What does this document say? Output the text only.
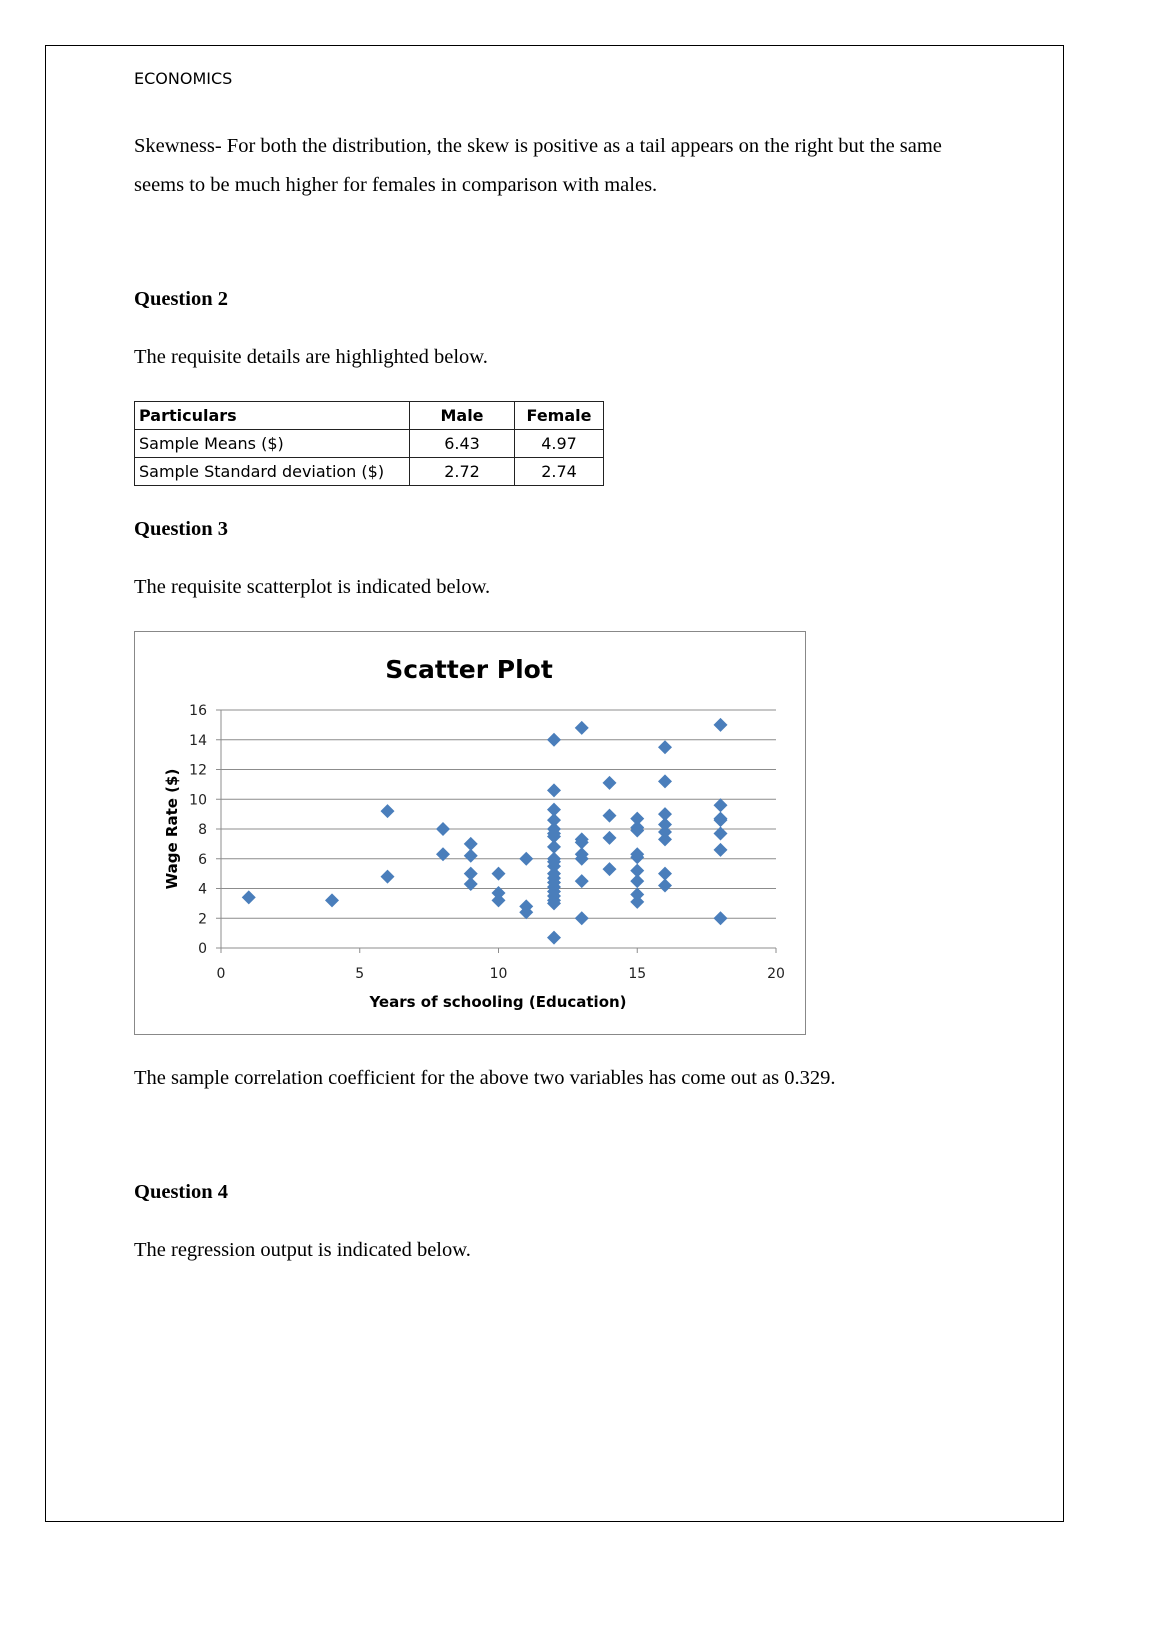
ECONOMICS
Skewness- For both the distribution, the skew is positive as a tail appears on the right but the same seems to be much higher for females in comparison with males.
Question 2
The requisite details are highlighted below.
Particulars	Male	Female
Sample Means ($)	6.43	4.97
Sample Standard deviation ($)	2.72	2.74
Question 3
The requisite scatterplot is indicated below.
Scatter Plot
0
2
4
6
8
10
12
14
16
0	5	10	15	20
Years of schooling (Education)
Wage Rate ($)
The sample correlation coefficient for the above two variables has come out as 0.329.
Question 4
The regression output is indicated below.
